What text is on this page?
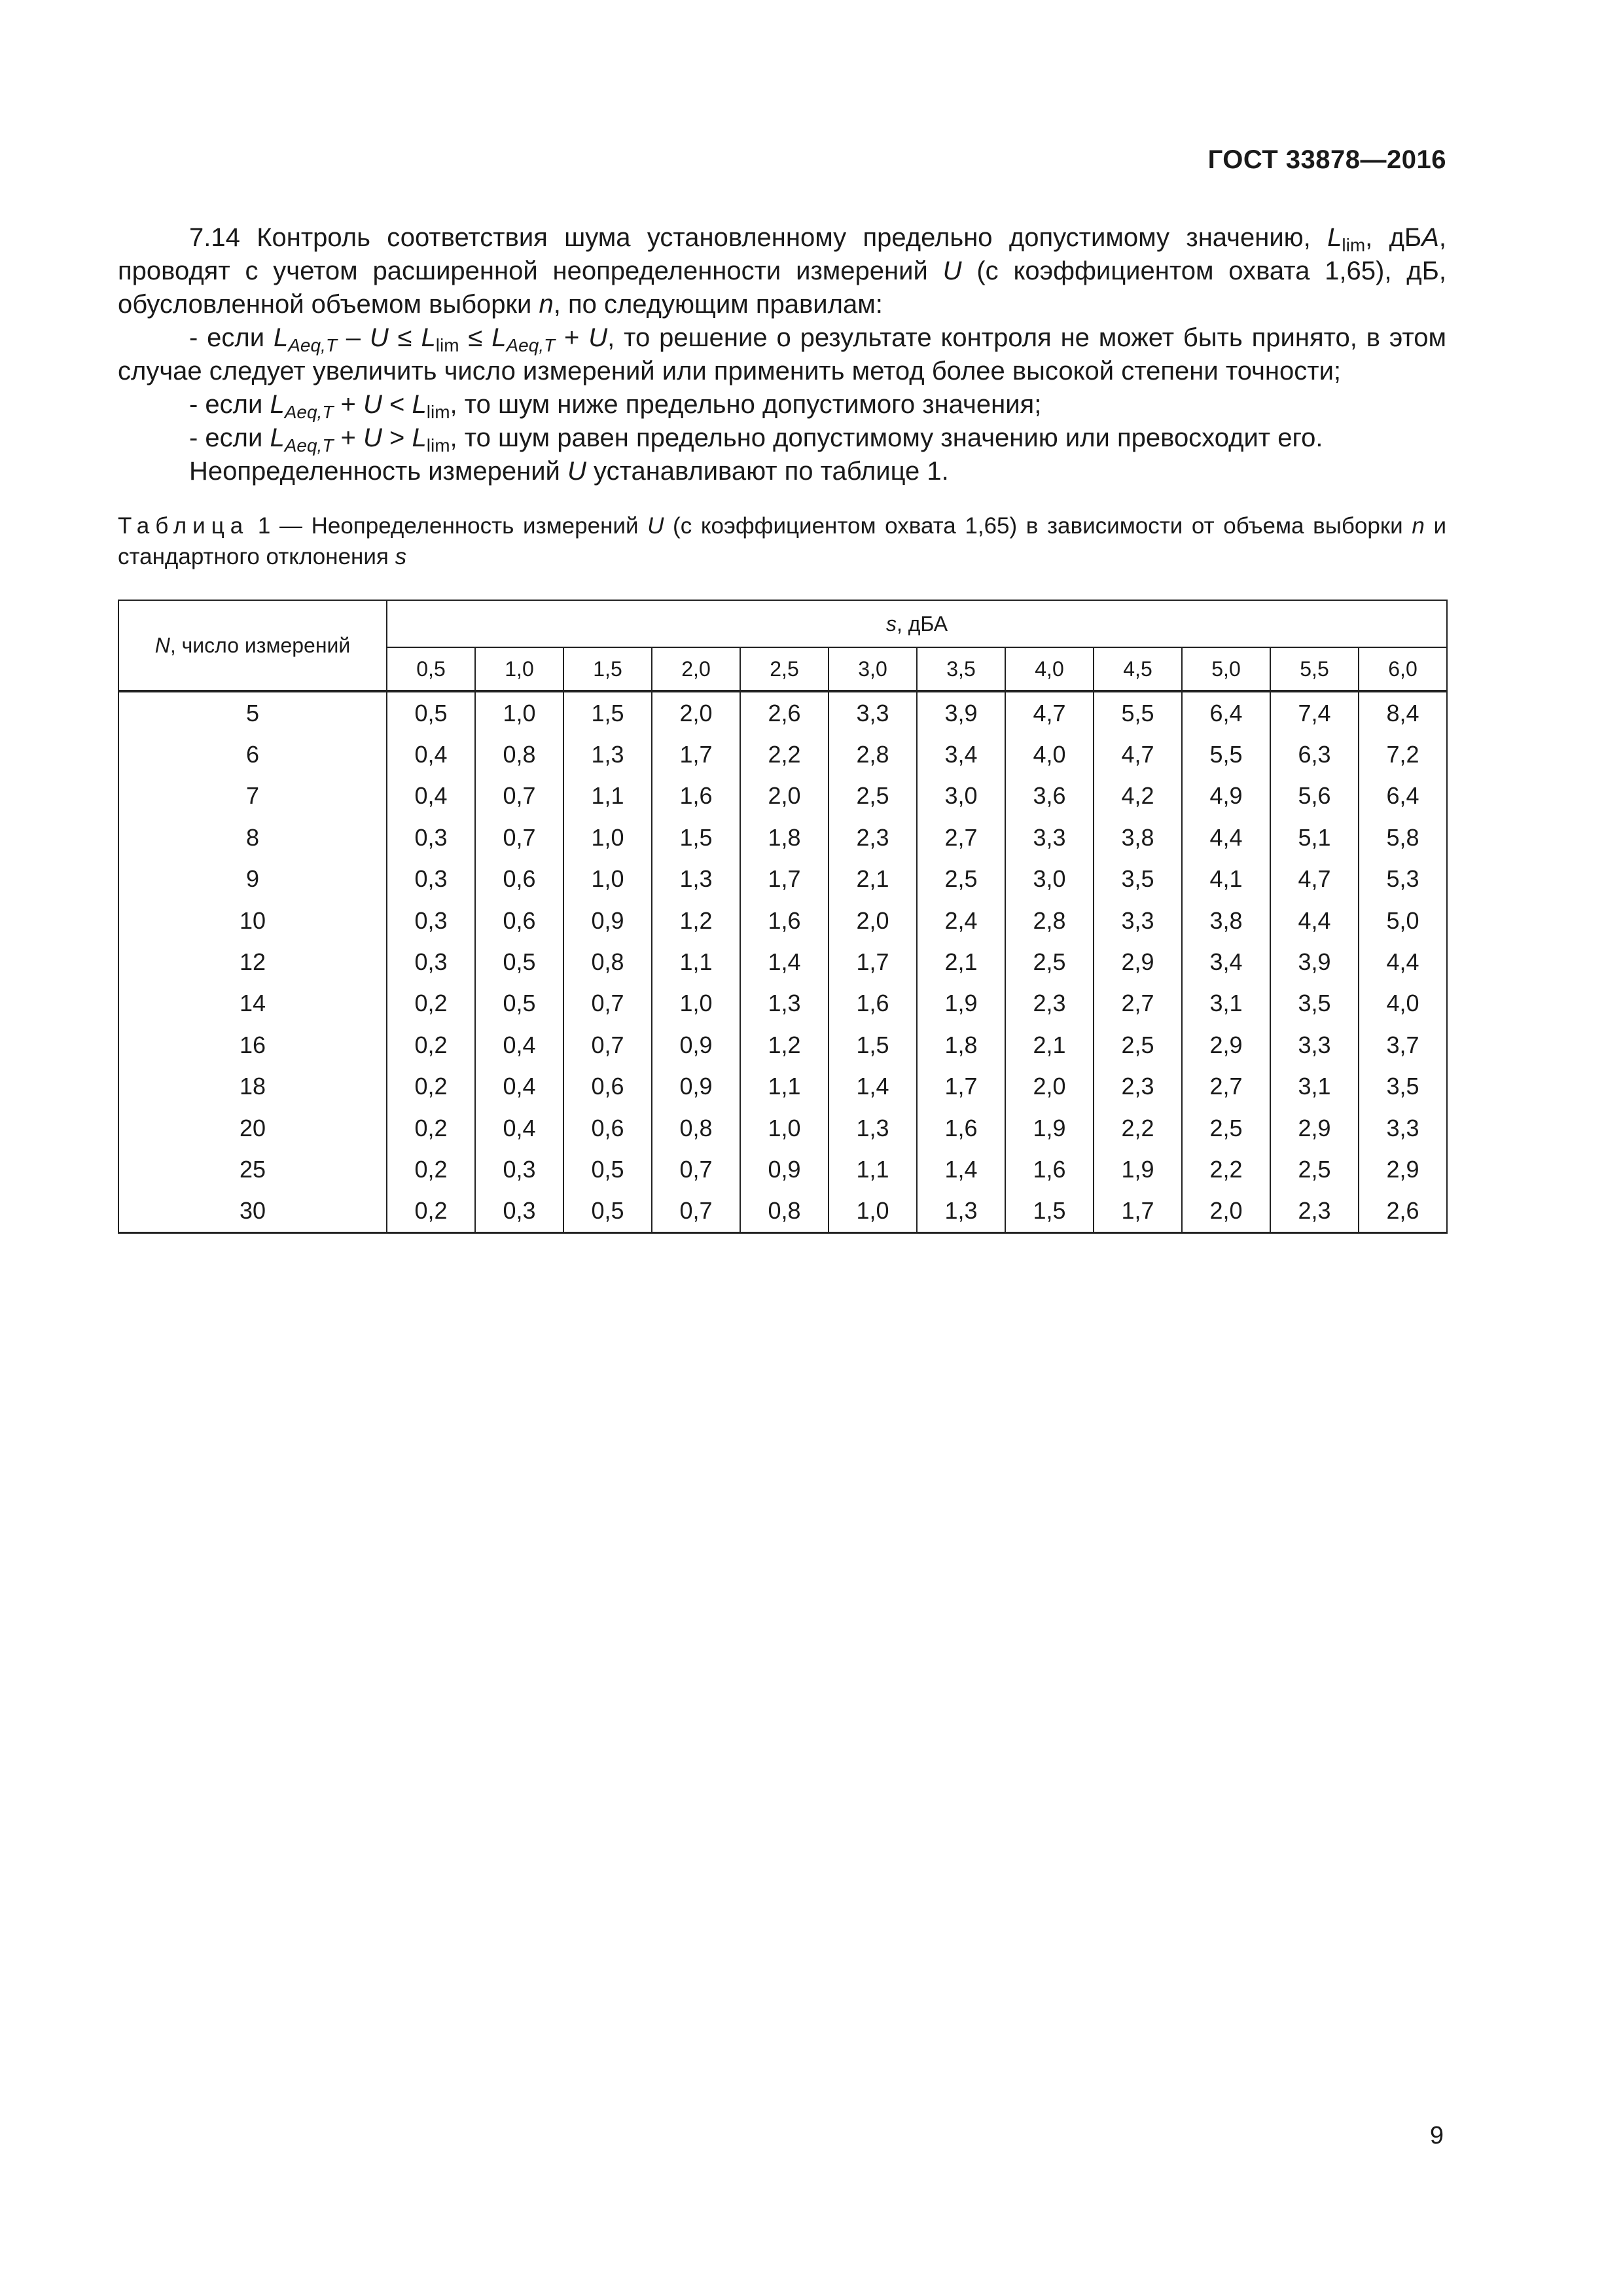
ГОСТ 33878—2016

7.14 Контроль соответствия шума установленному предельно допустимому значению, $L_{lim}$, дБA, проводят с учетом расширенной неопределенности измерений U (с коэффициентом охвата 1,65), дБ, обусловленной объемом выборки n, по следующим правилам:

- если $L_{Aeq,T} - U \le L_{lim} \le L_{Aeq,T} + U$, то решение о результате контроля не может быть принято, в этом случае следует увеличить число измерений или применить метод более высокой степени точности;

- если $L_{Aeq,T} + U < L_{lim}$, то шум ниже предельно допустимого значения;

- если $L_{Aeq,T} + U > L_{lim}$, то шум равен предельно допустимому значению или превосходит его.

Неопределенность измерений U устанавливают по таблице 1.

Таблица 1 — Неопределенность измерений U (с коэффициентом охвата 1,65) в зависимости от объема выборки n и стандартного отклонения s
N, число измерений	s, дБА											
	0,5	1,0	1,5	2,0	2,5	3,0	3,5	4,0	4,5	5,0	5,5	6,0
5	0,5	1,0	1,5	2,0	2,6	3,3	3,9	4,7	5,5	6,4	7,4	8,4
6	0,4	0,8	1,3	1,7	2,2	2,8	3,4	4,0	4,7	5,5	6,3	7,2
7	0,4	0,7	1,1	1,6	2,0	2,5	3,0	3,6	4,2	4,9	5,6	6,4
8	0,3	0,7	1,0	1,5	1,8	2,3	2,7	3,3	3,8	4,4	5,1	5,8
9	0,3	0,6	1,0	1,3	1,7	2,1	2,5	3,0	3,5	4,1	4,7	5,3
10	0,3	0,6	0,9	1,2	1,6	2,0	2,4	2,8	3,3	3,8	4,4	5,0
12	0,3	0,5	0,8	1,1	1,4	1,7	2,1	2,5	2,9	3,4	3,9	4,4
14	0,2	0,5	0,7	1,0	1,3	1,6	1,9	2,3	2,7	3,1	3,5	4,0
16	0,2	0,4	0,7	0,9	1,2	1,5	1,8	2,1	2,5	2,9	3,3	3,7
18	0,2	0,4	0,6	0,9	1,1	1,4	1,7	2,0	2,3	2,7	3,1	3,5
20	0,2	0,4	0,6	0,8	1,0	1,3	1,6	1,9	2,2	2,5	2,9	3,3
25	0,2	0,3	0,5	0,7	0,9	1,1	1,4	1,6	1,9	2,2	2,5	2,9
30	0,2	0,3	0,5	0,7	0,8	1,0	1,3	1,5	1,7	2,0	2,3	2,6
9
